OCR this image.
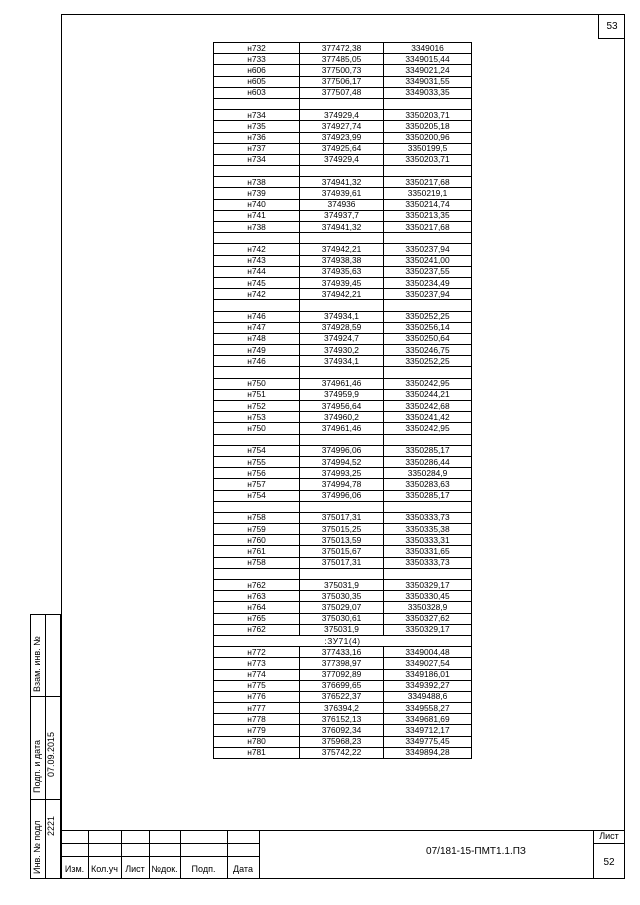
53
н732	377472,38	3349016
н733	377485,05	3349015,44
н606	377500,73	3349021,24
н605	377506,17	3349031,55
н603	377507,48	3349033,35

н734	374929,4	3350203,71
н735	374927,74	3350205,18
н736	374923,99	3350200,96
н737	374925,64	3350199,5
н734	374929,4	3350203,71

н738	374941,32	3350217,68
н739	374939,61	3350219,1
н740	374936	3350214,74
н741	374937,7	3350213,35
н738	374941,32	3350217,68

н742	374942,21	3350237,94
н743	374938,38	3350241,00
н744	374935,63	3350237,55
н745	374939,45	3350234,49
н742	374942,21	3350237,94

н746	374934,1	3350252,25
н747	374928,59	3350256,14
н748	374924,7	3350250,64
н749	374930,2	3350246,75
н746	374934,1	3350252,25

н750	374961,46	3350242,95
н751	374959,9	3350244,21
н752	374956,64	3350242,68
н753	374960,2	3350241,42
н750	374961,46	3350242,95

н754	374996,06	3350285,17
н755	374994,52	3350286,44
н756	374993,25	3350284,9
н757	374994,78	3350283,63
н754	374996,06	3350285,17

н758	375017,31	3350333,73
н759	375015,25	3350335,38
н760	375013,59	3350333,31
н761	375015,67	3350331,65
н758	375017,31	3350333,73

н762	375031,9	3350329,17
н763	375030,35	3350330,45
н764	375029,07	3350328,9
н765	375030,61	3350327,62
н762	375031,9	3350329,17
:ЗУ71(4)		
н772	377433,16	3349004,48
н773	377398,97	3349027,54
н774	377092,89	3349186,01
н775	376699,65	3349392,27
н776	376522,37	3349488,6
н777	376394,2	3349558,27
н778	376152,13	3349681,69
н779	376092,34	3349712,17
н780	375968,23	3349775,45
н781	375742,22	3349894,28
Взам. инв. №
Подп. и дата 07.09.2015
Инв. № подл 2221
Изм. Кол.уч Лист №док.	Подп.	Дата
07/181-15-ПМТ1.1.ПЗ
Лист
52
